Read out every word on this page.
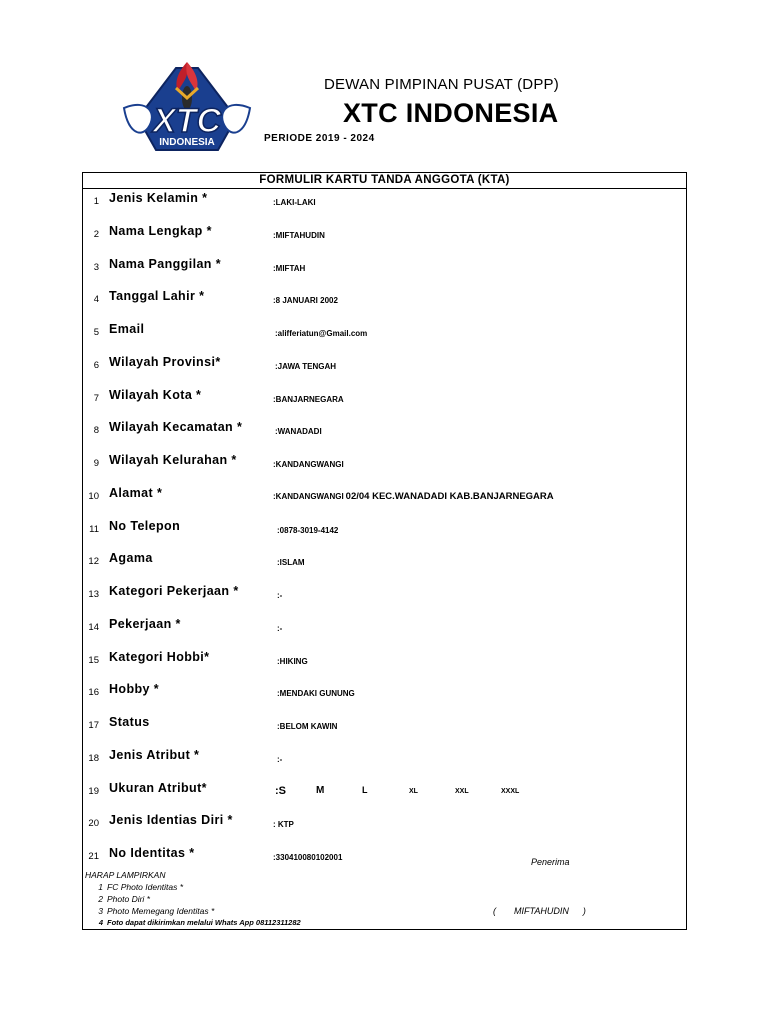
XTC
INDONESIA
DEWAN PIMPINAN PUSAT (DPP)
XTC INDONESIA
PERIODE 2019 - 2024
FORMULIR KARTU TANDA ANGGOTA (KTA)
1 Jenis Kelamin *	:LAKI-LAKI
2 Nama Lengkap *	:MIFTAHUDIN
3 Nama Panggilan *	:MIFTAH
4 Tanggal Lahir *	:8 JANUARI 2002
5 Email	:alifferiatun@Gmail.com
6 Wilayah Provinsi*	:JAWA TENGAH
7 Wilayah Kota *	:BANJARNEGARA
8 Wilayah Kecamatan *	:WANADADI
9 Wilayah Kelurahan *	:KANDANGWANGI
10 Alamat *	:KANDANGWANGI 02/04 KEC.WANADADI KAB.BANJARNEGARA
11 No Telepon	:0878-3019-4142
12 Agama	:ISLAM
13 Kategori Pekerjaan *	:-
14 Pekerjaan *	:-
15 Kategori Hobbi*	:HIKING
16 Hobby *	:MENDAKI GUNUNG
17 Status	:BELOM KAWIN
18 Jenis Atribut *	:-
19 Ukuran Atribut*	:S	M	L	XL	XXL	XXXL
20 Jenis Identias Diri *	: KTP
21 No Identitas *	:330410080102001	Penerima
HARAP LAMPIRKAN
1 FC Photo Identitas *
2 Photo Diri *
3 Photo Memegang Identitas *
4 Foto dapat dikirimkan melalui Whats App 08112311282
( MIFTAHUDIN )
